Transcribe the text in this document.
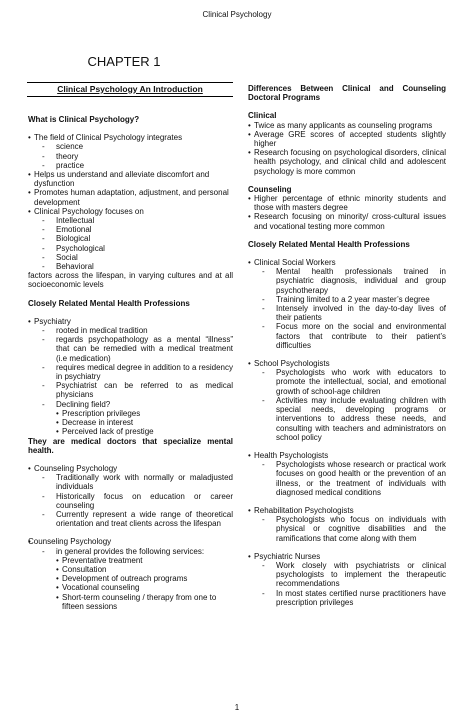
Clinical Psychology
CHAPTER 1
Clinical Psychology An Introduction

What is Clinical Psychology?

• The field of Clinical Psychology integrates

- science

- theory

- practice

• Helps us understand and alleviate discomfort and dysfunction

• Promotes human adaptation, adjustment, and personal development

• Clinical Psychology focuses on

- Intellectual

- Emotional

- Biological

- Psychological

- Social

- Behavioral

factors across the lifespan, in varying cultures and at all socioeconomic levels

Closely Related Mental Health Professions

• Psychiatry

- rooted in medical tradition

- regards psychopathology as a mental “illness” that can be remedied with a medical treatment (i.e medication)

- requires medical degree in addition to a residency in psychiatry

- Psychiatrist can be referred to as medical physicians

- Declining field?

• Prescription privileges

• Decrease in interest

• Perceived lack of prestige

They are medical doctors that specialize mental health.

• Counseling Psychology

- Traditionally work with normally or maladjusted individuals

- Historically focus on education or career counseling

- Currently represent a wide range of theoretical orientation and treat clients across the lifespan

Counseling Psychology

- in general provides the following services:

• Preventative treatment

• Consultation

• Development of outreach programs

• Vocational counseling

• Short-term counseling / therapy from one to fifteen sessions

Differences Between Clinical and Counseling Doctoral Programs

Clinical

• Twice as many applicants as counseling programs

• Average GRE scores of accepted students slightly higher

• Research focusing on psychological disorders, clinical health psychology, and clinical child and adolescent psychology is more common

Counseling

• Higher percentage of ethnic minority students and those with masters degree

• Research focusing on minority/ cross-cultural issues and vocational testing more common

Closely Related Mental Health Professions

• Clinical Social Workers

- Mental health professionals trained in psychiatric diagnosis, individual and group psychotherapy

- Training limited to a 2 year master’s degree

- Intensely involved in the day-to-day lives of their patients

- Focus more on the social and environmental factors that contribute to their patient’s difficulties

• School Psychologists

- Psychologists who work with educators to promote the intellectual, social, and emotional growth of school-age children

- Activities may include evaluating children with special needs, developing programs or interventions to address these needs, and consulting with teachers and administrators on school policy

• Health Psychologists

- Psychologists whose research or practical work focuses on good health or the prevention of an illness, or the treatment of individuals with diagnosed medical conditions

• Rehabilitation Psychologists

- Psychologists who focus on individuals with physical or cognitive disabilities and the ramifications that come along with them

• Psychiatric Nurses

- Work closely with psychiatrists or clinical psychologists to implement the therapeutic recommendations

- In most states certified nurse practitioners have prescription privileges

1
